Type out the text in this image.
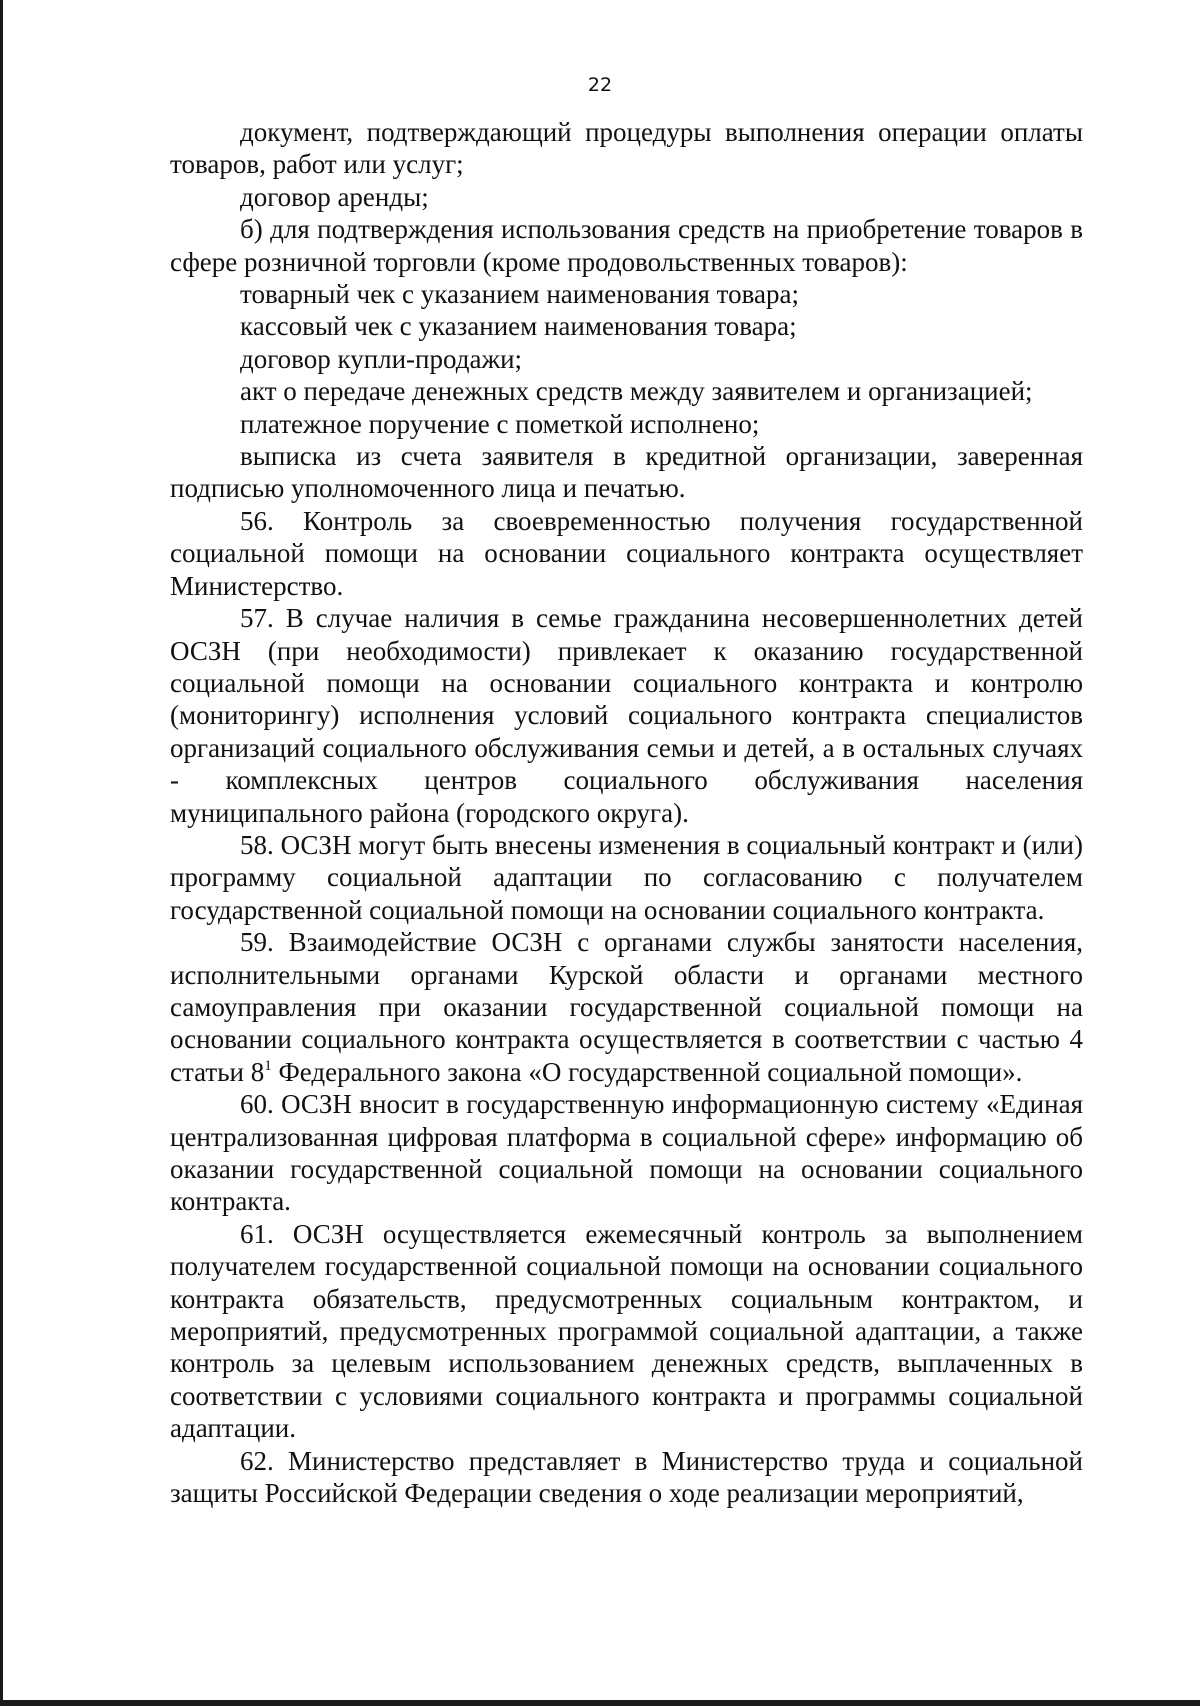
22

документ, подтверждающий процедуры выполнения операции оплаты товаров, работ или услуг;

договор аренды;

б) для подтверждения использования средств на приобретение товаров в сфере розничной торговли (кроме продовольственных товаров):

товарный чек с указанием наименования товара;

кассовый чек с указанием наименования товара;

договор купли-продажи;

акт о передаче денежных средств между заявителем и организацией;

платежное поручение с пометкой исполнено;

выписка из счета заявителя в кредитной организации, заверенная подписью уполномоченного лица и печатью.

56. Контроль за своевременностью получения государственной социальной помощи на основании социального контракта осуществляет Министерство.

57. В случае наличия в семье гражданина несовершеннолетних детей ОСЗН (при необходимости) привлекает к оказанию государственной социальной помощи на основании социального контракта и контролю (мониторингу) исполнения условий социального контракта специалистов организаций социального обслуживания семьи и детей, а в остальных случаях - комплексных центров социального обслуживания населения муниципального района (городского округа).

58. ОСЗН могут быть внесены изменения в социальный контракт и (или) программу социальной адаптации по согласованию с получателем государственной социальной помощи на основании социального контракта.

59. Взаимодействие ОСЗН с органами службы занятости населения, исполнительными органами Курской области и органами местного самоуправления при оказании государственной социальной помощи на основании социального контракта осуществляется в соответствии с частью 4 статьи $8^1$ Федерального закона «О государственной социальной помощи».

60. ОСЗН вносит в государственную информационную систему «Единая централизованная цифровая платформа в социальной сфере» информацию об оказании государственной социальной помощи на основании социального контракта.

61. ОСЗН осуществляется ежемесячный контроль за выполнением получателем государственной социальной помощи на основании социального контракта обязательств, предусмотренных социальным контрактом, и мероприятий, предусмотренных программой социальной адаптации, а также контроль за целевым использованием денежных средств, выплаченных в соответствии с условиями социального контракта и программы социальной адаптации.

62. Министерство представляет в Министерство труда и социальной защиты Российской Федерации сведения о ходе реализации мероприятий,
